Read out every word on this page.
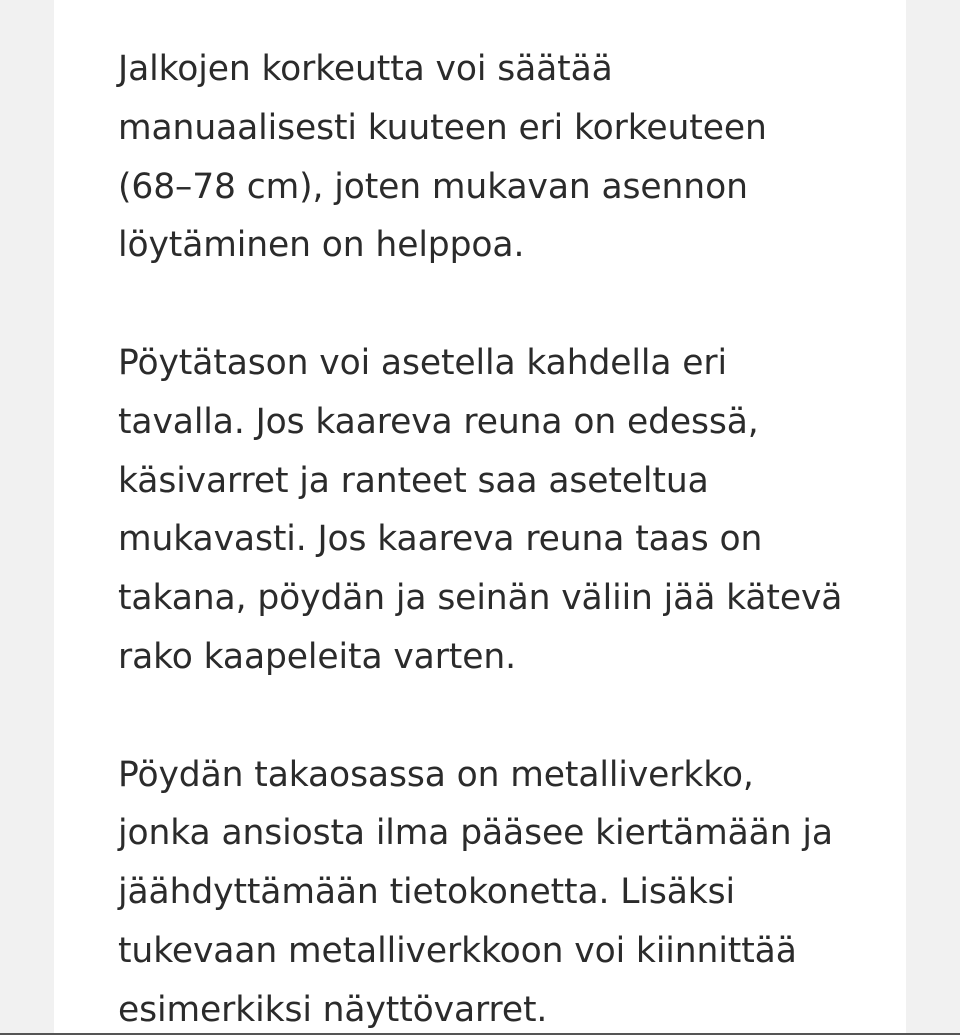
Jalkojen korkeutta voi säätää
manuaalisesti kuuteen eri korkeuteen
(68–78 cm), joten mukavan asennon
löytäminen on helppoa.

Pöytätason voi asetella kahdella eri
tavalla. Jos kaareva reuna on edessä,
käsivarret ja ranteet saa aseteltua
mukavasti. Jos kaareva reuna taas on
takana, pöydän ja seinän väliin jää kätevä
rako kaapeleita varten.

Pöydän takaosassa on metalliverkko,
jonka ansiosta ilma pääsee kiertämään ja
jäähdyttämään tietokonetta. Lisäksi
tukevaan metalliverkkoon voi kiinnittää
esimerkiksi näyttövarret.
